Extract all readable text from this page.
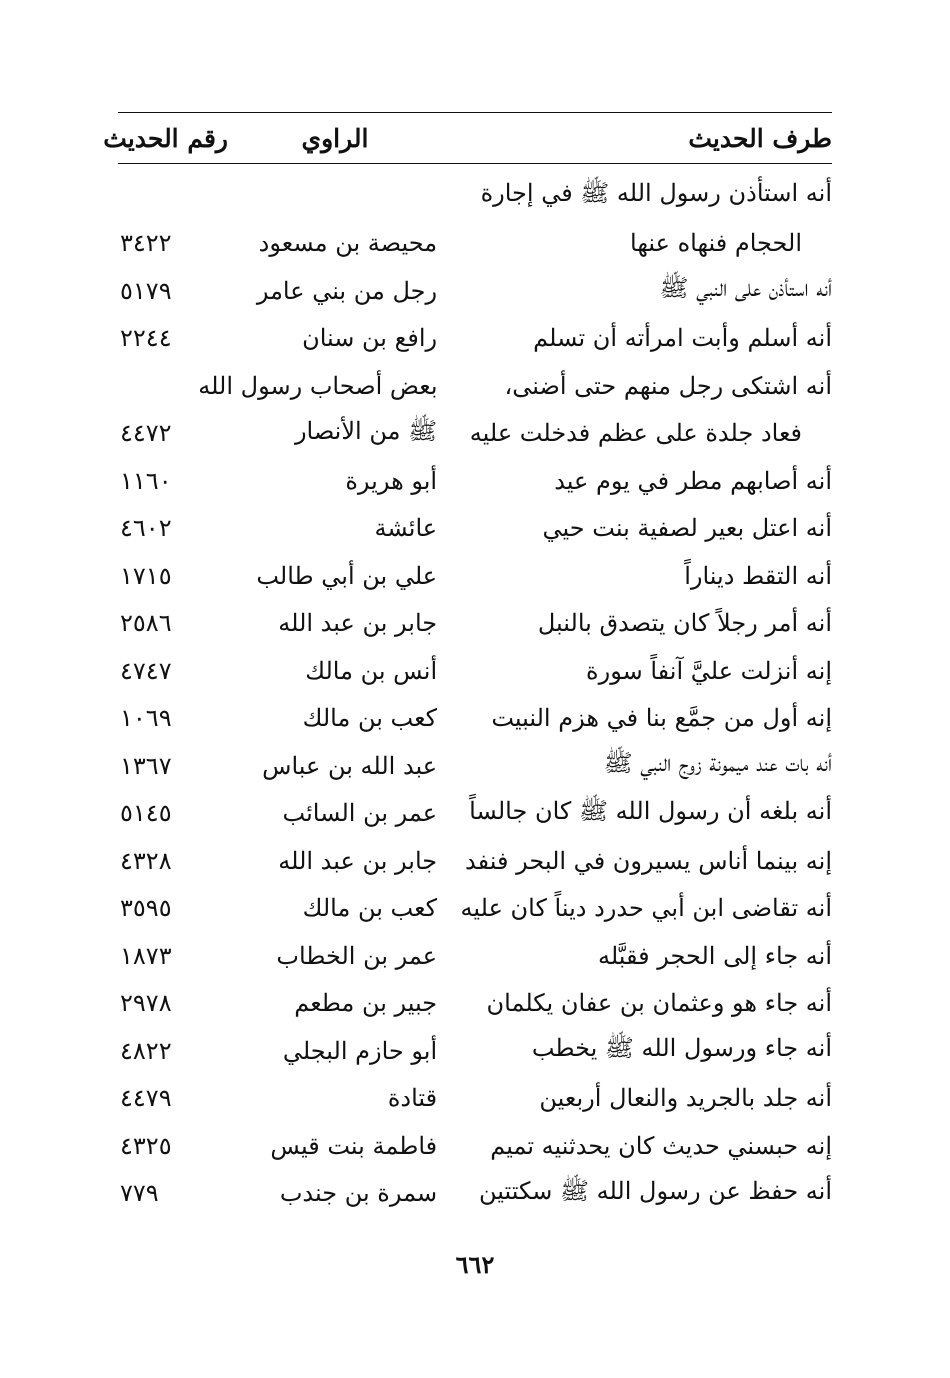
طرف الحديث
الراوي
رقم الحديث
أنه استأذن رسول الله ﷺ في إجارة
الحجام فنهاه عنها
محيصة بن مسعود
٣٤٢٢
أنه استأذن على النبي ﷺ
رجل من بني عامر
٥١٧٩
أنه أسلم وأبت امرأته أن تسلم
رافع بن سنان
٢٢٤٤
أنه اشتكى رجل منهم حتى أضنى،
بعض أصحاب رسول الله
فعاد جلدة على عظم فدخلت عليه
ﷺ من الأنصار
٤٤٧٢
أنه أصابهم مطر في يوم عيد
أبو هريرة
١١٦٠
أنه اعتل بعير لصفية بنت حيي
عائشة
٤٦٠٢
أنه التقط ديناراً
علي بن أبي طالب
١٧١٥
أنه أمر رجلاً كان يتصدق بالنبل
جابر بن عبد الله
٢٥٨٦
إنه أنزلت عليَّ آنفاً سورة
أنس بن مالك
٤٧٤٧
إنه أول من جمَّع بنا في هزم النبيت
كعب بن مالك
١٠٦٩
أنه بات عند ميمونة زوج النبي ﷺ
عبد الله بن عباس
١٣٦٧
أنه بلغه أن رسول الله ﷺ كان جالساً
عمر بن السائب
٥١٤٥
إنه بينما أناس يسيرون في البحر فنفد
جابر بن عبد الله
٤٣٢٨
أنه تقاضى ابن أبي حدرد ديناً كان عليه
كعب بن مالك
٣٥٩٥
أنه جاء إلى الحجر فقبَّله
عمر بن الخطاب
١٨٧٣
أنه جاء هو وعثمان بن عفان يكلمان
جبير بن مطعم
٢٩٧٨
أنه جاء ورسول الله ﷺ يخطب
أبو حازم البجلي
٤٨٢٢
أنه جلد بالجريد والنعال أربعين
قتادة
٤٤٧٩
إنه حبسني حديث كان يحدثنيه تميم
فاطمة بنت قيس
٤٣٢٥
أنه حفظ عن رسول الله ﷺ سكتتين
سمرة بن جندب
٧٧٩
٦٦٢
